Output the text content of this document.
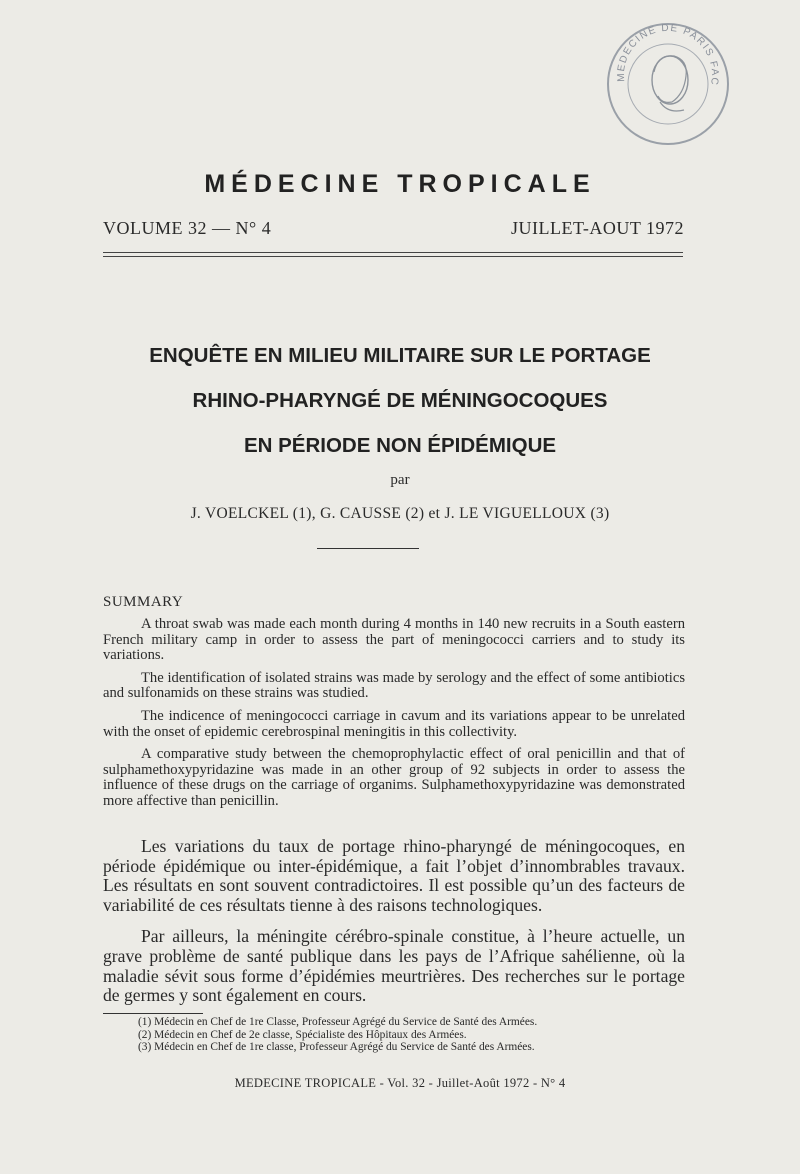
MEDECINE DE PARIS FAC
MÉDECINE TROPICALE
VOLUME 32 — N° 4	JUILLET-AOUT 1972
ENQUÊTE EN MILIEU MILITAIRE SUR LE PORTAGE
RHINO-PHARYNGÉ DE MÉNINGOCOQUES
EN PÉRIODE NON ÉPIDÉMIQUE
par
J. VOELCKEL (1), G. CAUSSE (2) et J. LE VIGUELLOUX (3)
SUMMARY

A throat swab was made each month during 4 months in 140 new recruits in a South eastern French military camp in order to assess the part of meningococci carriers and to study its variations.

The identification of isolated strains was made by serology and the effect of some antibiotics and sulfonamids on these strains was studied.

The indicence of meningococci carriage in cavum and its variations appear to be unrelated with the onset of epidemic cerebrospinal meningitis in this collectivity.

A comparative study between the chemoprophylactic effect of oral penicillin and that of sulphamethoxypyridazine was made in an other group of 92 subjects in order to assess the influence of these drugs on the carriage of organims. Sulphamethoxypyridazine was demonstrated more affective than penicillin.

Les variations du taux de portage rhino-pharyngé de méningocoques, en période épidémique ou inter-épidémique, a fait l’objet d’innombrables travaux. Les résultats en sont souvent contradictoires. Il est possible qu’un des facteurs de variabilité de ces résultats tienne à des raisons technologiques.

Par ailleurs, la méningite cérébro-spinale constitue, à l’heure actuelle, un grave problème de santé publique dans les pays de l’Afrique sahélienne, où la maladie sévit sous forme d’épidémies meurtrières. Des recherches sur le portage de germes y sont également en cours.

(1) Médecin en Chef de 1re Classe, Professeur Agrégé du Service de Santé des Armées.
(2) Médecin en Chef de 2e classe, Spécialiste des Hôpitaux des Armées.
(3) Médecin en Chef de 1re classe, Professeur Agrégé du Service de Santé des Armées.
MEDECINE TROPICALE - Vol. 32 - Juillet-Août 1972 - N° 4
